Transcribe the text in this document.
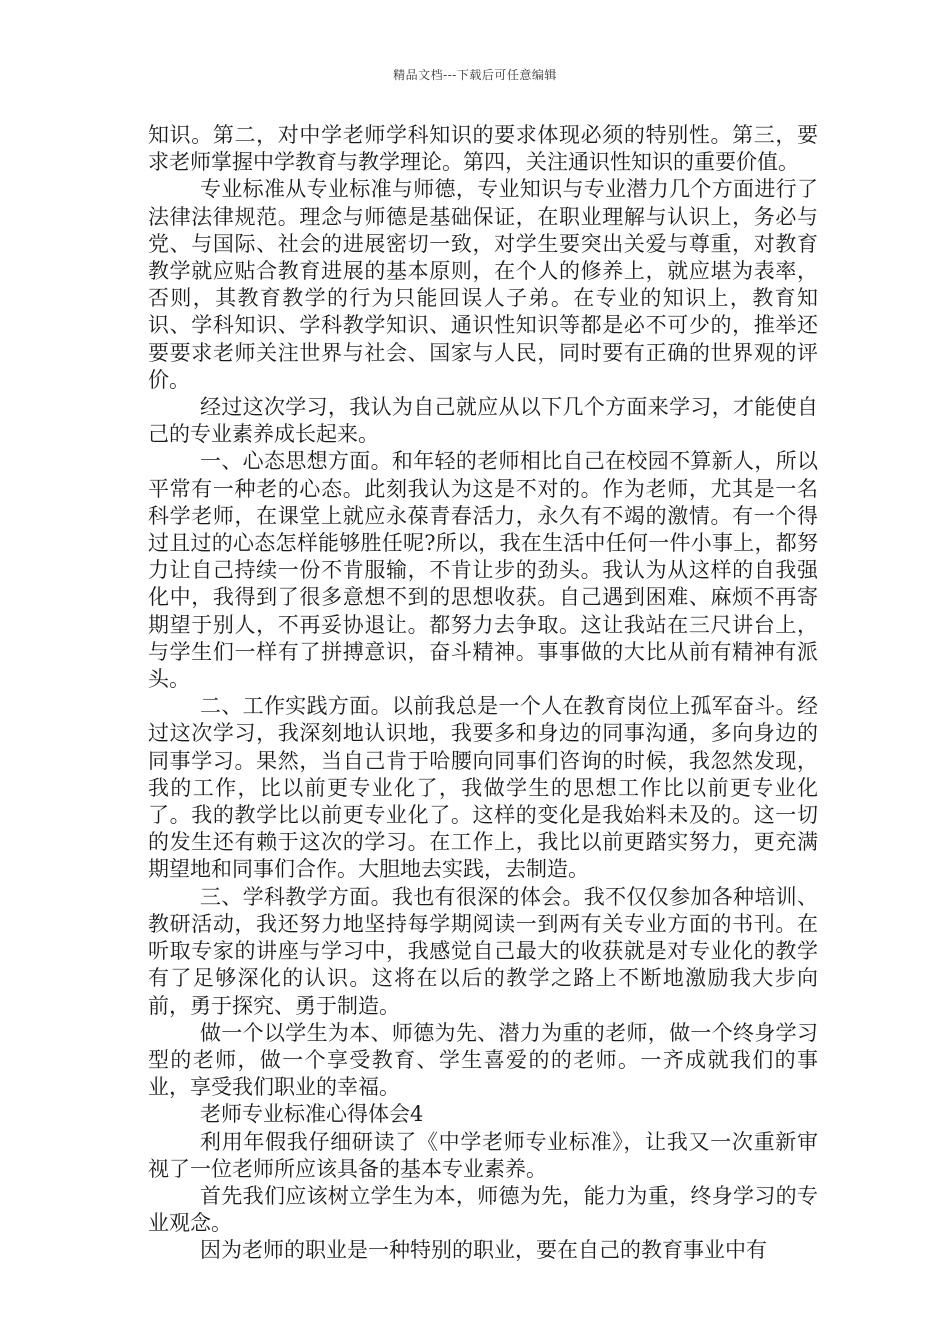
精品文档---下载后可任意编辑

知识。第二，对中学老师学科知识的要求体现必须的特别性。第三，要求老师掌握中学教育与教学理论。第四，关注通识性知识的重要价值。

专业标准从专业标准与师德，专业知识与专业潜力几个方面进行了法律法律规范。理念与师德是基础保证，在职业理解与认识上，务必与党、与国际、社会的进展密切一致，对学生要突出关爱与尊重，对教育教学就应贴合教育进展的基本原则，在个人的修养上，就应堪为表率，否则，其教育教学的行为只能回误人子弟。在专业的知识上，教育知识、学科知识、学科教学知识、通识性知识等都是必不可少的，推举还要要求老师关注世界与社会、国家与人民，同时要有正确的世界观的评价。

经过这次学习，我认为自己就应从以下几个方面来学习，才能使自己的专业素养成长起来。

一、心态思想方面。和年轻的老师相比自己在校园不算新人，所以平常有一种老的心态。此刻我认为这是不对的。作为老师，尤其是一名科学老师，在课堂上就应永葆青春活力，永久有不竭的激情。有一个得过且过的心态怎样能够胜任呢?所以，我在生活中任何一件小事上，都努力让自己持续一份不肯服输，不肯让步的劲头。我认为从这样的自我强化中，我得到了很多意想不到的思想收获。自己遇到困难、麻烦不再寄期望于别人，不再妥协退让。都努力去争取。这让我站在三尺讲台上，与学生们一样有了拼搏意识，奋斗精神。事事做的大比从前有精神有派头。

二、工作实践方面。以前我总是一个人在教育岗位上孤军奋斗。经过这次学习，我深刻地认识地，我要多和身边的同事沟通，多向身边的同事学习。果然，当自己肯于哈腰向同事们咨询的时候，我忽然发现，我的工作，比以前更专业化了，我做学生的思想工作比以前更专业化了。我的教学比以前更专业化了。这样的变化是我始料未及的。这一切的发生还有赖于这次的学习。在工作上，我比以前更踏实努力，更充满期望地和同事们合作。大胆地去实践，去制造。

三、学科教学方面。我也有很深的体会。我不仅仅参加各种培训、教研活动，我还努力地坚持每学期阅读一到两有关专业方面的书刊。在听取专家的讲座与学习中，我感觉自己最大的收获就是对专业化的教学有了足够深化的认识。这将在以后的教学之路上不断地激励我大步向前，勇于探究、勇于制造。

做一个以学生为本、师德为先、潜力为重的老师，做一个终身学习型的老师，做一个享受教育、学生喜爱的的老师。一齐成就我们的事业，享受我们职业的幸福。

老师专业标准心得体会4

利用年假我仔细研读了《中学老师专业标准》，让我又一次重新审视了一位老师所应该具备的基本专业素养。

首先我们应该树立学生为本，师德为先，能力为重，终身学习的专业观念。

因为老师的职业是一种特别的职业，要在自己的教育事业中有
